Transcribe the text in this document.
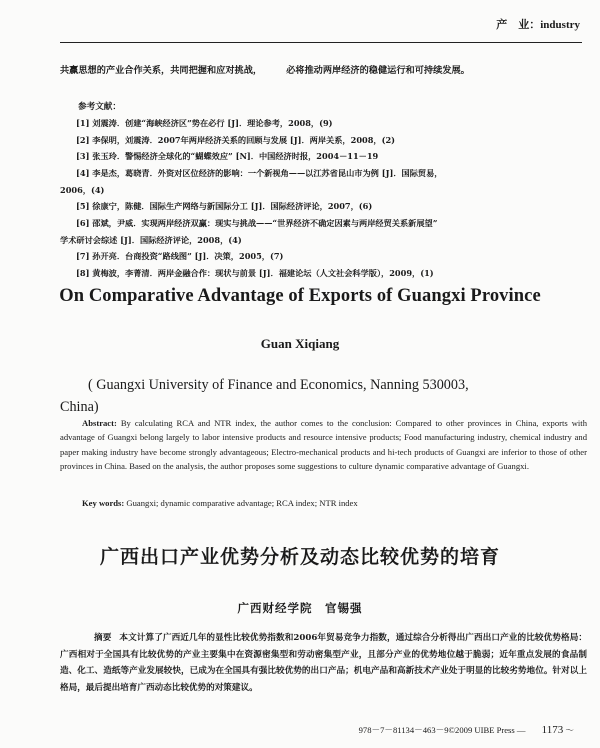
产　业：industry
共赢思想的产业合作关系，共同把握和应对挑战，	必将推动两岸经济的稳健运行和可持续发展。
参考文献：
[1] 刘震涛．创建“海峡经济区”势在必行 [J]．理论参考，2008，(9)
[2] 李保明，刘震涛．2007年两岸经济关系的回顾与发展 [J]．两岸关系，2008，(2)
[3] 张玉玲．警惕经济全球化的“蝴蝶效应” [N]．中国经济时报，2004－11－19
[4] 李是杰，葛晓青．外资对区位经济的影响：一个新视角——以江苏省昆山市为例 [J]．国际贸易，
2006，(4)
[5] 徐康宁，陈健．国际生产网络与新国际分工 [J]．国际经济评论，2007，(6)
[6] 邵斌，尹威．实现两岸经济双赢：现实与挑战——“世界经济不确定因素与两岸经贸关系新展望”
学术研讨会综述 [J]．国际经济评论，2008，(4)
[7] 孙开亮．台商投资“路线图” [J]．决策，2005，(7)
[8] 黄梅波，李菁清．两岸金融合作：现状与前景 [J]．福建论坛（人文社会科学版），2009，(1)
On Comparative Advantage of Exports of Guangxi Province
Guan Xiqiang
( Guangxi University of Finance and Economics, Nanning 530003,
China)

Abstract: By calculating RCA and NTR index, the author comes to the conclusion: Compared to other provinces in China, exports with advantage of Guangxi belong largely to labor intensive products and resource intensive products; Food manufacturing industry, chemical industry and paper making industry have become strongly advantageous; Electro-mechanical products and hi-tech products of Guangxi are inferior to those of other provinces in China. Based on the analysis, the author proposes some suggestions to culture dynamic comparative advantage of Guangxi.

Key words: Guangxi; dynamic comparative advantage; RCA index; NTR index
广西出口产业优势分析及动态比较优势的培育
广西财经学院　官锡强
摘要 本文计算了广西近几年的显性比较优势指数和2006年贸易竞争力指数，通过综合分析得出广西出口产业的比较优势格局：广西相对于全国具有比较优势的产业主要集中在资源密集型和劳动密集型产业，且部分产业的优势地位越于脆弱；近年重点发展的食品制造、化工、造纸等产业发展较快，已成为在全国具有强比较优势的出口产品；机电产品和高新技术产业处于明显的比较劣势地位。针对以上格局，最后提出培育广西动态比较优势的对策建议。
978－7－81134－463－9©2009 UIBE Press — 1173 ～
